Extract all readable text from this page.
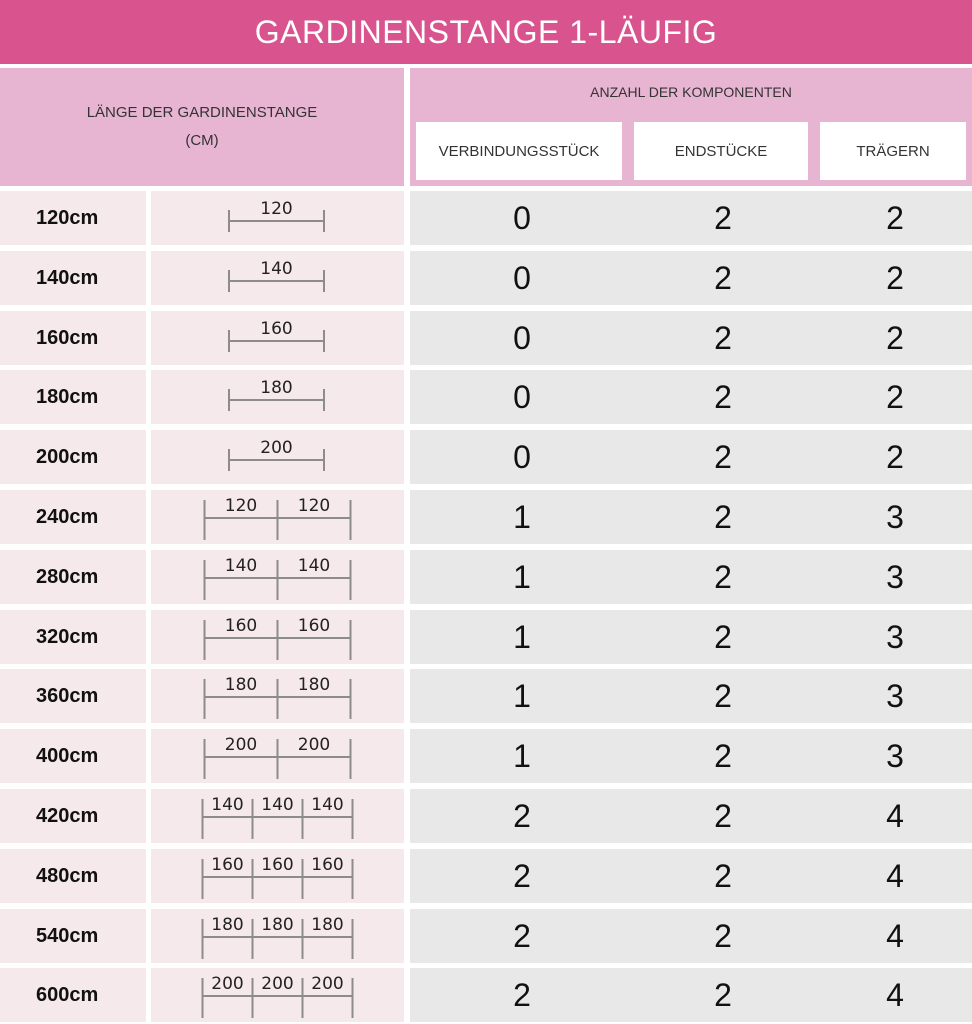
GARDINENSTANGE 1-LÄUFIG
LÄNGE DER GARDINENSTANGE
(CM)
ANZAHL DER KOMPONENTEN
VERBINDUNGSSTÜCK	ENDSTÜCKE	TRÄGERN
120cm	120	0	2	2
140cm	140	0	2	2
160cm	160	0	2	2
180cm	180	0	2	2
200cm	200	0	2	2
240cm	120 120	1	2	3
280cm	140 140	1	2	3
320cm	160 160	1	2	3
360cm	180 180	1	2	3
400cm	200 200	1	2	3
420cm	140 140 140	2	2	4
480cm	160 160 160	2	2	4
540cm	180 180 180	2	2	4
600cm	200 200 200	2	2	4
